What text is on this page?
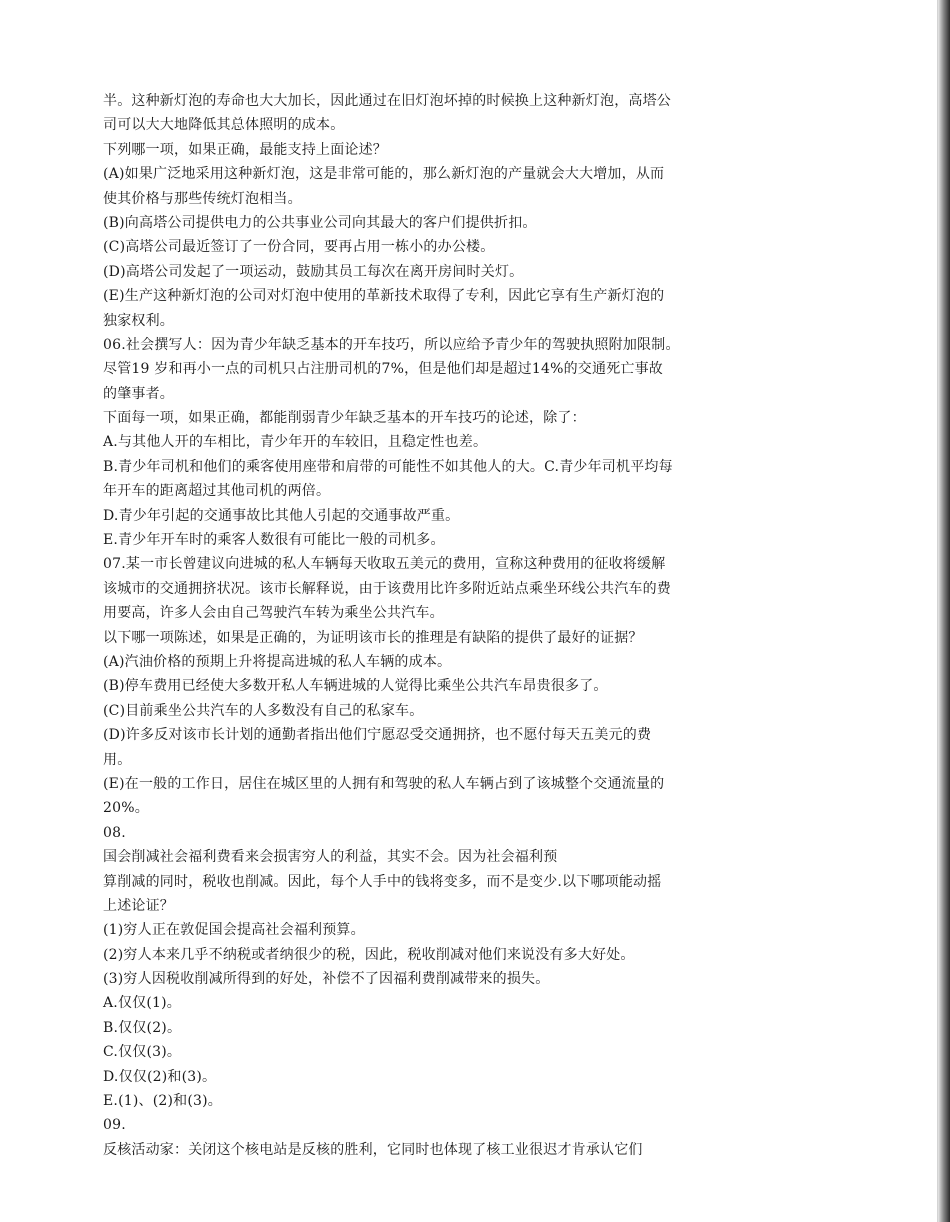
半。这种新灯泡的寿命也大大加长，因此通过在旧灯泡坏掉的时候换上这种新灯泡，高塔公
司可以大大地降低其总体照明的成本。
下列哪一项，如果正确，最能支持上面论述？
(A)如果广泛地采用这种新灯泡，这是非常可能的，那么新灯泡的产量就会大大增加，从而
使其价格与那些传统灯泡相当。
(B)向高塔公司提供电力的公共事业公司向其最大的客户们提供折扣。
(C)高塔公司最近签订了一份合同，要再占用一栋小的办公楼。
(D)高塔公司发起了一项运动，鼓励其员工每次在离开房间时关灯。
(E)生产这种新灯泡的公司对灯泡中使用的革新技术取得了专利，因此它享有生产新灯泡的
独家权利。
06.社会撰写人：因为青少年缺乏基本的开车技巧，所以应给予青少年的驾驶执照附加限制。
尽管19 岁和再小一点的司机只占注册司机的7%，但是他们却是超过14%的交通死亡事故
的肇事者。
下面每一项，如果正确，都能削弱青少年缺乏基本的开车技巧的论述，除了：
A.与其他人开的车相比，青少年开的车较旧，且稳定性也差。
B.青少年司机和他们的乘客使用座带和肩带的可能性不如其他人的大。C.青少年司机平均每
年开车的距离超过其他司机的两倍。
D.青少年引起的交通事故比其他人引起的交通事故严重。
E.青少年开车时的乘客人数很有可能比一般的司机多。
07.某一市长曾建议向进城的私人车辆每天收取五美元的费用，宣称这种费用的征收将缓解
该城市的交通拥挤状况。该市长解释说，由于该费用比许多附近站点乘坐环线公共汽车的费
用要高，许多人会由自己驾驶汽车转为乘坐公共汽车。
以下哪一项陈述，如果是正确的，为证明该市长的推理是有缺陷的提供了最好的证据？
(A)汽油价格的预期上升将提高进城的私人车辆的成本。
(B)停车费用已经使大多数开私人车辆进城的人觉得比乘坐公共汽车昂贵很多了。
(C)目前乘坐公共汽车的人多数没有自己的私家车。
(D)许多反对该市长计划的通勤者指出他们宁愿忍受交通拥挤，也不愿付每天五美元的费
用。
(E)在一般的工作日，居住在城区里的人拥有和驾驶的私人车辆占到了该城整个交通流量的
20%。
08.
国会削减社会福利费看来会损害穷人的利益，其实不会。因为社会福利预
算削减的同时，税收也削减。因此，每个人手中的钱将变多，而不是变少.以下哪项能动摇
上述论证？
(1)穷人正在敦促国会提高社会福利预算。
(2)穷人本来几乎不纳税或者纳很少的税，因此，税收削减对他们来说没有多大好处。
(3)穷人因税收削减所得到的好处，补偿不了因福利费削减带来的损失。
A.仅仅(1)。
B.仅仅(2)。
C.仅仅(3)。
D.仅仅(2)和(3)。
E.(1)、(2)和(3)。
09.
反核活动家：关闭这个核电站是反核的胜利，它同时也体现了核工业很迟才肯承认它们
